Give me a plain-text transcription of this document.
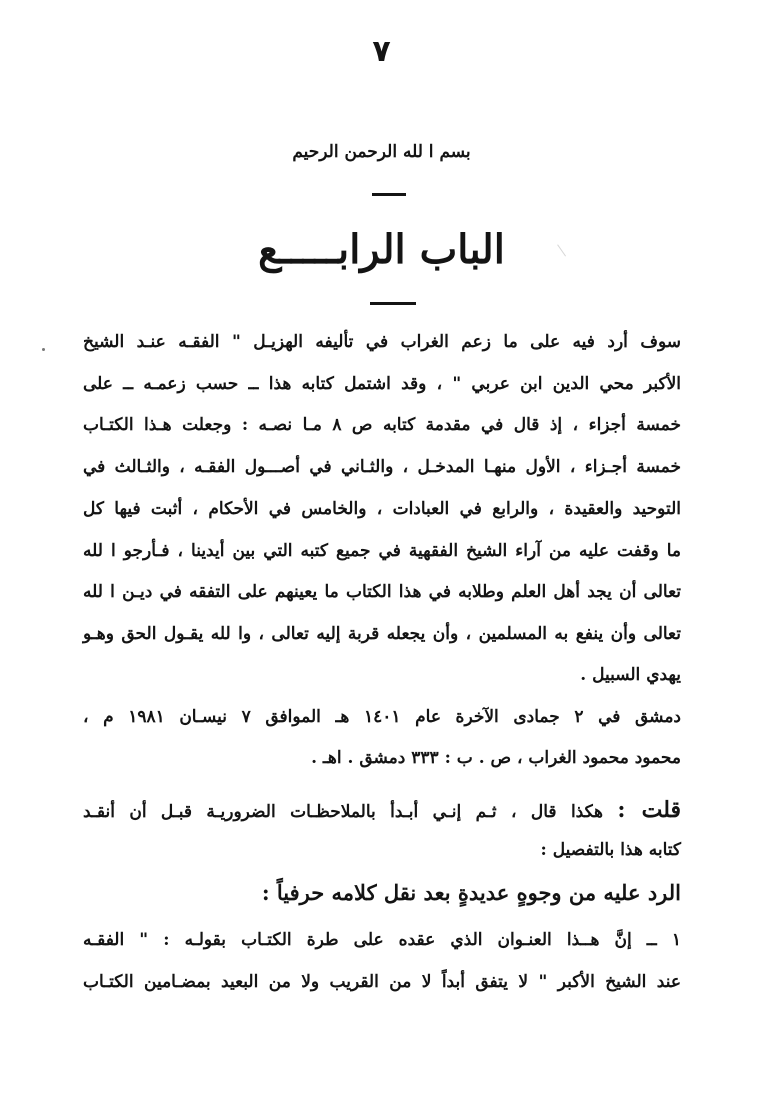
٧
بسم ا لله الرحمن الرحيم
الباب الرابـــــع
سوف أرد فيه على ما زعم الغراب في تأليفه الهزيـل " الفقـه عنـد الشيخ
الأكبر محي الدين ابن عربي " ، وقد اشتمل كتابه هذا ــ حسب زعمـه ــ على
خمسة أجزاء ، إذ قال في مقدمة كتابه ص ٨ مـا نصـه : وجعلت هـذا الكتـاب
خمسة أجـزاء ، الأول منهـا المدخـل ، والثـاني في أصـــول الفقـه ، والثـالث في
التوحيد والعقيدة ، والرابع في العبادات ، والخامس في الأحكام ، أثبت فيها كل
ما وقفت عليه من آراء الشيخ الفقهية في جميع كتبه التي بين أيدينا ، فـأرجو ا لله
تعالى أن يجد أهل العلم وطلابه في هذا الكتاب ما يعينهم على التفقه في ديـن ا لله
تعالى وأن ينفع به المسلمين ، وأن يجعله قربة إليه تعالى ، وا لله يقـول الحق وهـو
يهدي السبيل .
دمشق في ٢ جمادى الآخرة عام ١٤٠١ هـ الموافق ٧ نيسـان ١٩٨١ م ،
محمود محمود الغراب ، ص . ب : ٣٣٣ دمشق . اهـ .
قلت : هكذا قال ، ثـم إنـي أبـدأ بالملاحظـات الضروريـة قبـل أن أنقـد
كتابه هذا بالتفصيل :
الرد عليه من وجوهٍ عديدةٍ بعد نقل كلامه حرفياً :
١ ــ إنَّ هــذا العنـوان الذي عقده على طرة الكتـاب بقولـه : " الفقـه
عند الشيخ الأكبر " لا يتفق أبداً لا من القريب ولا من البعيد بمضـامين الكتـاب
